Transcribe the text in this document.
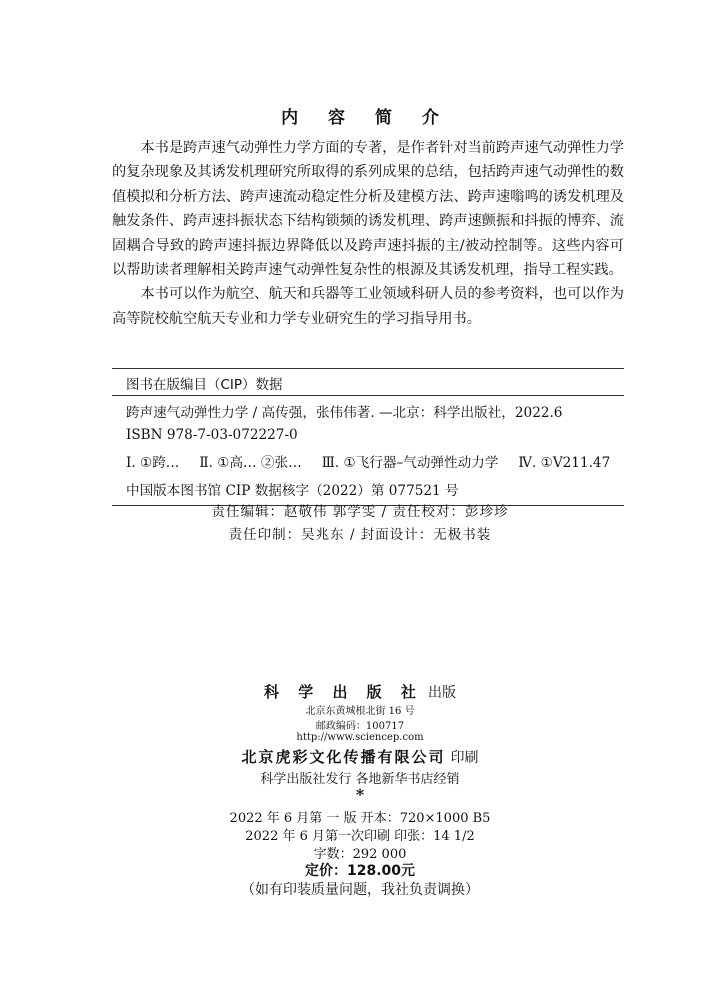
内 容 简 介

本书是跨声速气动弹性力学方面的专著，是作者针对当前跨声速气动弹性力学的复杂现象及其诱发机理研究所取得的系列成果的总结，包括跨声速气动弹性的数值模拟和分析方法、跨声速流动稳定性分析及建模方法、跨声速嗡鸣的诱发机理及触发条件、跨声速抖振状态下结构锁频的诱发机理、跨声速颤振和抖振的博弈、流固耦合导致的跨声速抖振边界降低以及跨声速抖振的主/被动控制等。这些内容可以帮助读者理解相关跨声速气动弹性复杂性的根源及其诱发机理，指导工程实践。

本书可以作为航空、航天和兵器等工业领域科研人员的参考资料，也可以作为高等院校航空航天专业和力学专业研究生的学习指导用书。

图书在版编目（CIP）数据
跨声速气动弹性力学 / 高传强，张伟伟著. —北京：科学出版社，2022.6
ISBN 978-7-03-072227-0
Ⅰ. ①跨… Ⅱ. ①高… ②张… Ⅲ. ①飞行器–气动弹性动力学 Ⅳ. ①V211.47
中国版本图书馆 CIP 数据核字（2022）第 077521 号
责任编辑：赵敬伟 郭学雯 / 责任校对：彭珍珍
责任印制：吴兆东 / 封面设计：无极书装
科 学 出 版 社 出版
北京东黄城根北街 16 号
邮政编码：100717
http://www.sciencep.com
北京虎彩文化传播有限公司 印刷
科学出版社发行 各地新华书店经销
*
2022 年 6 月第 一 版 开本：720×1000 B5
2022 年 6 月第一次印刷 印张：14 1/2
字数：292 000
定价：128.00元
（如有印装质量问题，我社负责调换）
